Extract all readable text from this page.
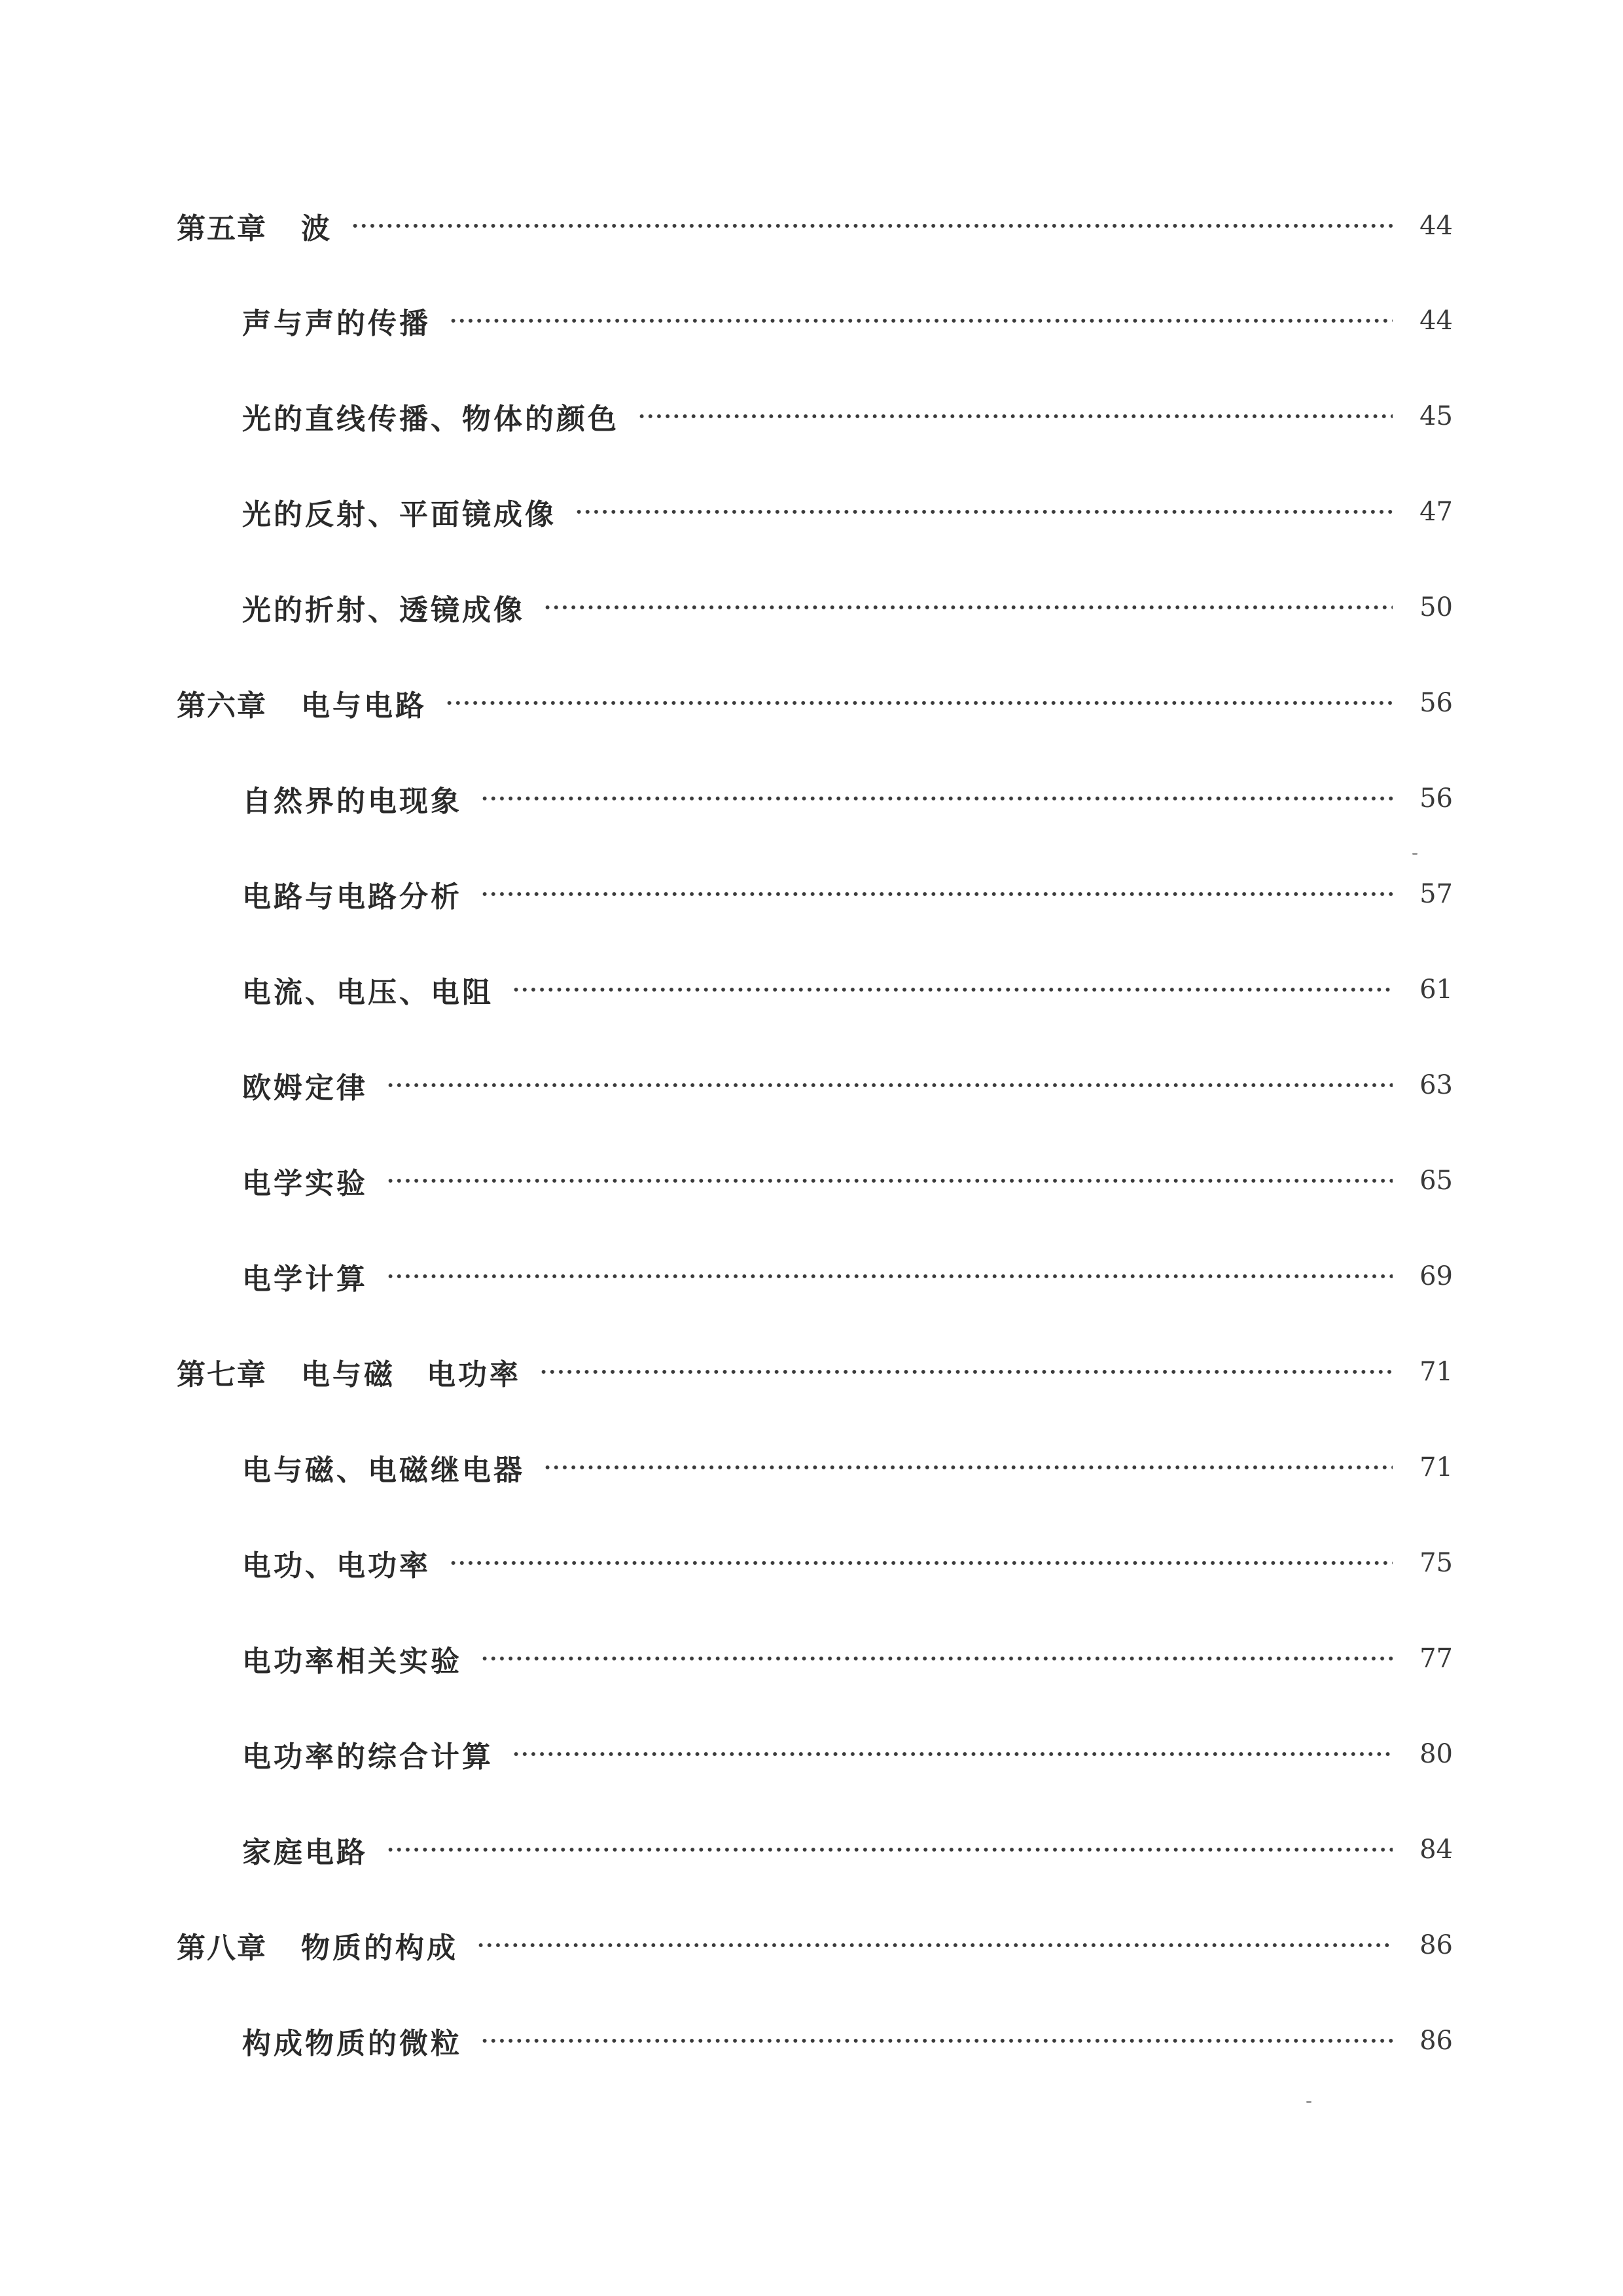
第五章 波	44
声与声的传播	44
光的直线传播、物体的颜色	45
光的反射、平面镜成像	47
光的折射、透镜成像	50
第六章 电与电路	56
自然界的电现象	56
电路与电路分析	57
电流、电压、电阻	61
欧姆定律	63
电学实验	65
电学计算	69
第七章 电与磁　电功率	71
电与磁、电磁继电器	71
电功、电功率	75
电功率相关实验	77
电功率的综合计算	80
家庭电路	84
第八章 物质的构成	86
构成物质的微粒	86
